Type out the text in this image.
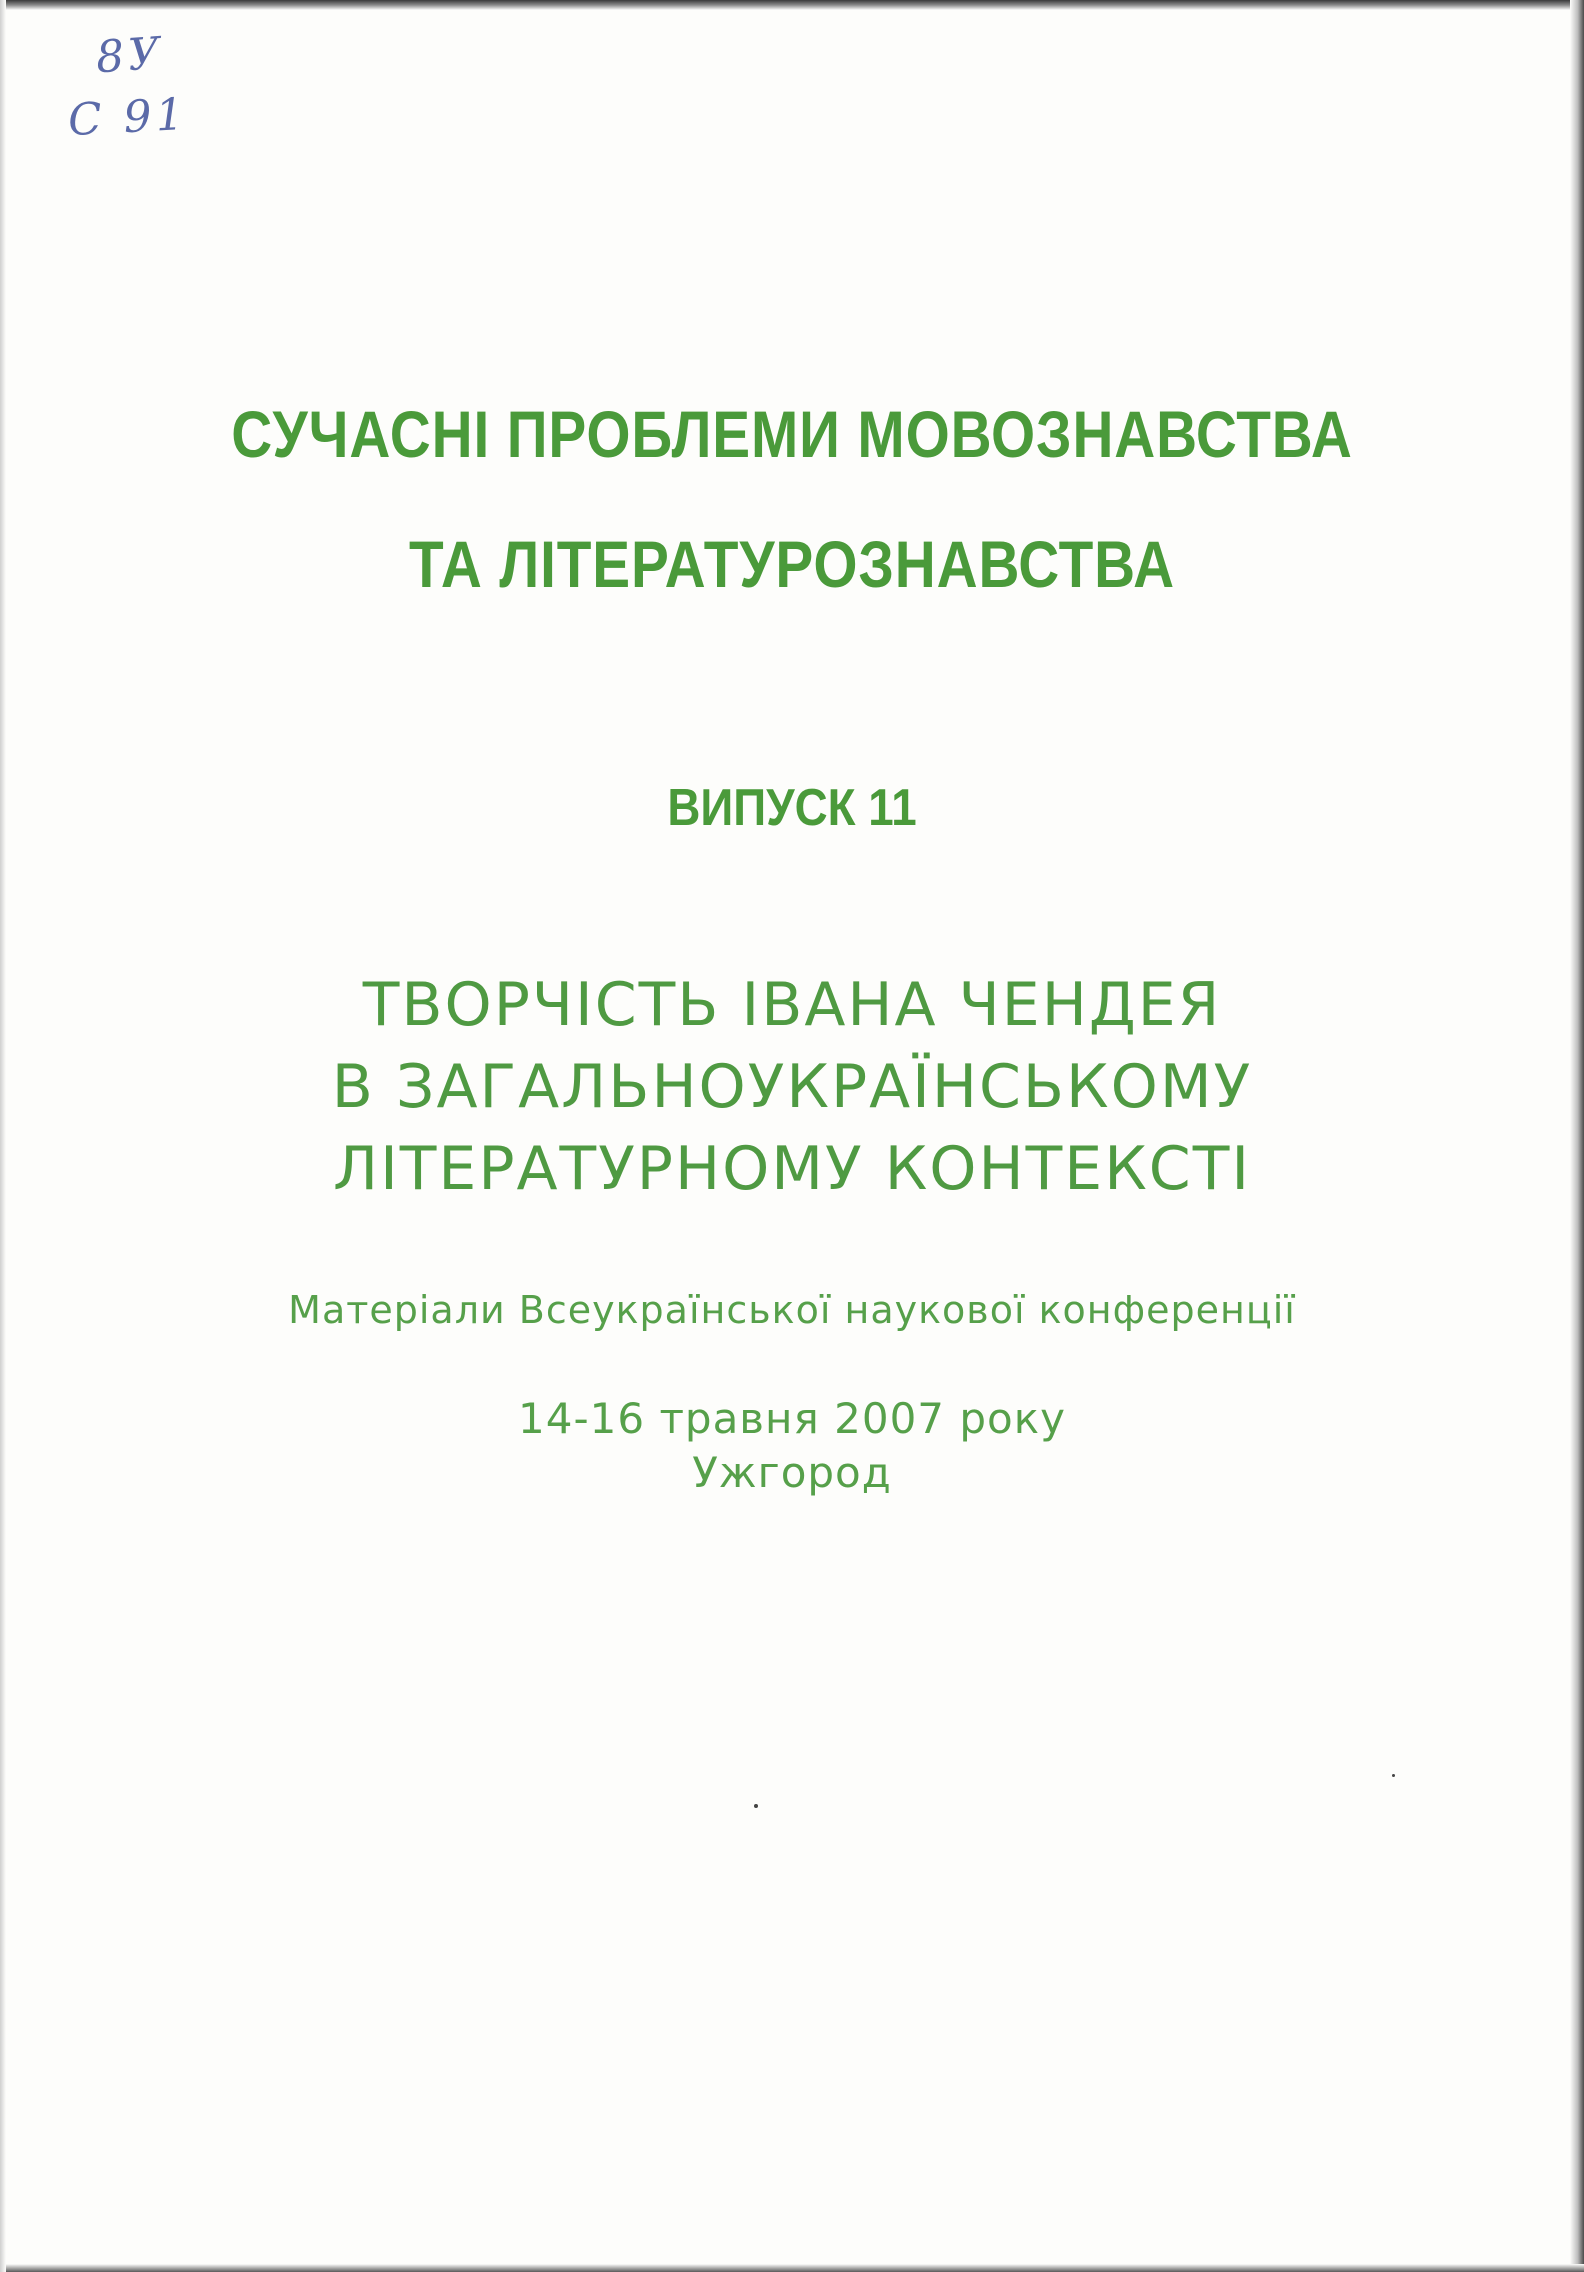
8У
С 91
СУЧАСНІ ПРОБЛЕМИ МОВОЗНАВСТВА
ТА ЛІТЕРАТУРОЗНАВСТВА
ВИПУСК 11
ТВОРЧІСТЬ ІВАНА ЧЕНДЕЯ
В ЗАГАЛЬНОУКРАЇНСЬКОМУ
ЛІТЕРАТУРНОМУ КОНТЕКСТІ
Матеріали Всеукраїнської наукової конференції
14-16 травня 2007 року
Ужгород
